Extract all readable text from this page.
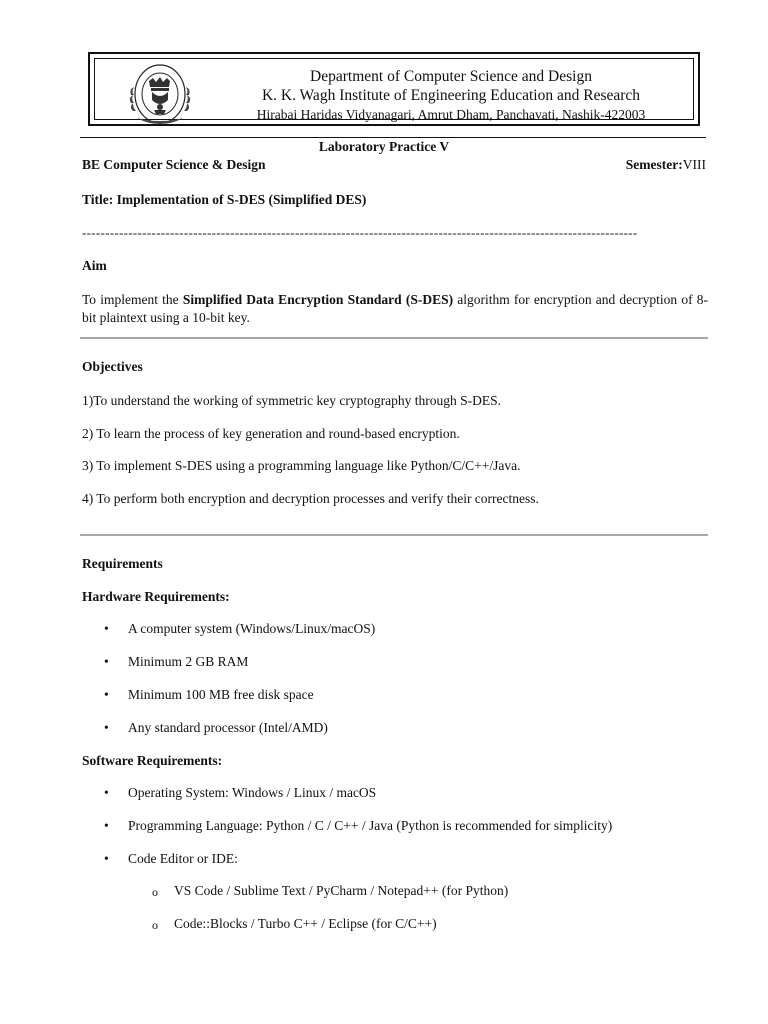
Department of Computer Science and Design
K. K. Wagh Institute of Engineering Education and Research
Hirabai Haridas Vidyanagari, Amrut Dham, Panchavati, Nashik-422003
Laboratory Practice V
BE Computer Science & Design	Semester:VIII
Title: Implementation of S-DES (Simplified DES)
------------------------------------------------------------------------------------------------------------------------
Aim
To implement the Simplified Data Encryption Standard (S-DES) algorithm for encryption and decryption of 8-bit plaintext using a 10-bit key.
Objectives
1)To understand the working of symmetric key cryptography through S-DES.
2) To learn the process of key generation and round-based encryption.
3) To implement S-DES using a programming language like Python/C/C++/Java.
4) To perform both encryption and decryption processes and verify their correctness.
Requirements
Hardware Requirements:
• A computer system (Windows/Linux/macOS)
• Minimum 2 GB RAM
• Minimum 100 MB free disk space
• Any standard processor (Intel/AMD)
Software Requirements:
• Operating System: Windows / Linux / macOS
• Programming Language: Python / C / C++ / Java (Python is recommended for simplicity)
• Code Editor or IDE:
o VS Code / Sublime Text / PyCharm / Notepad++ (for Python)
o Code::Blocks / Turbo C++ / Eclipse (for C/C++)
